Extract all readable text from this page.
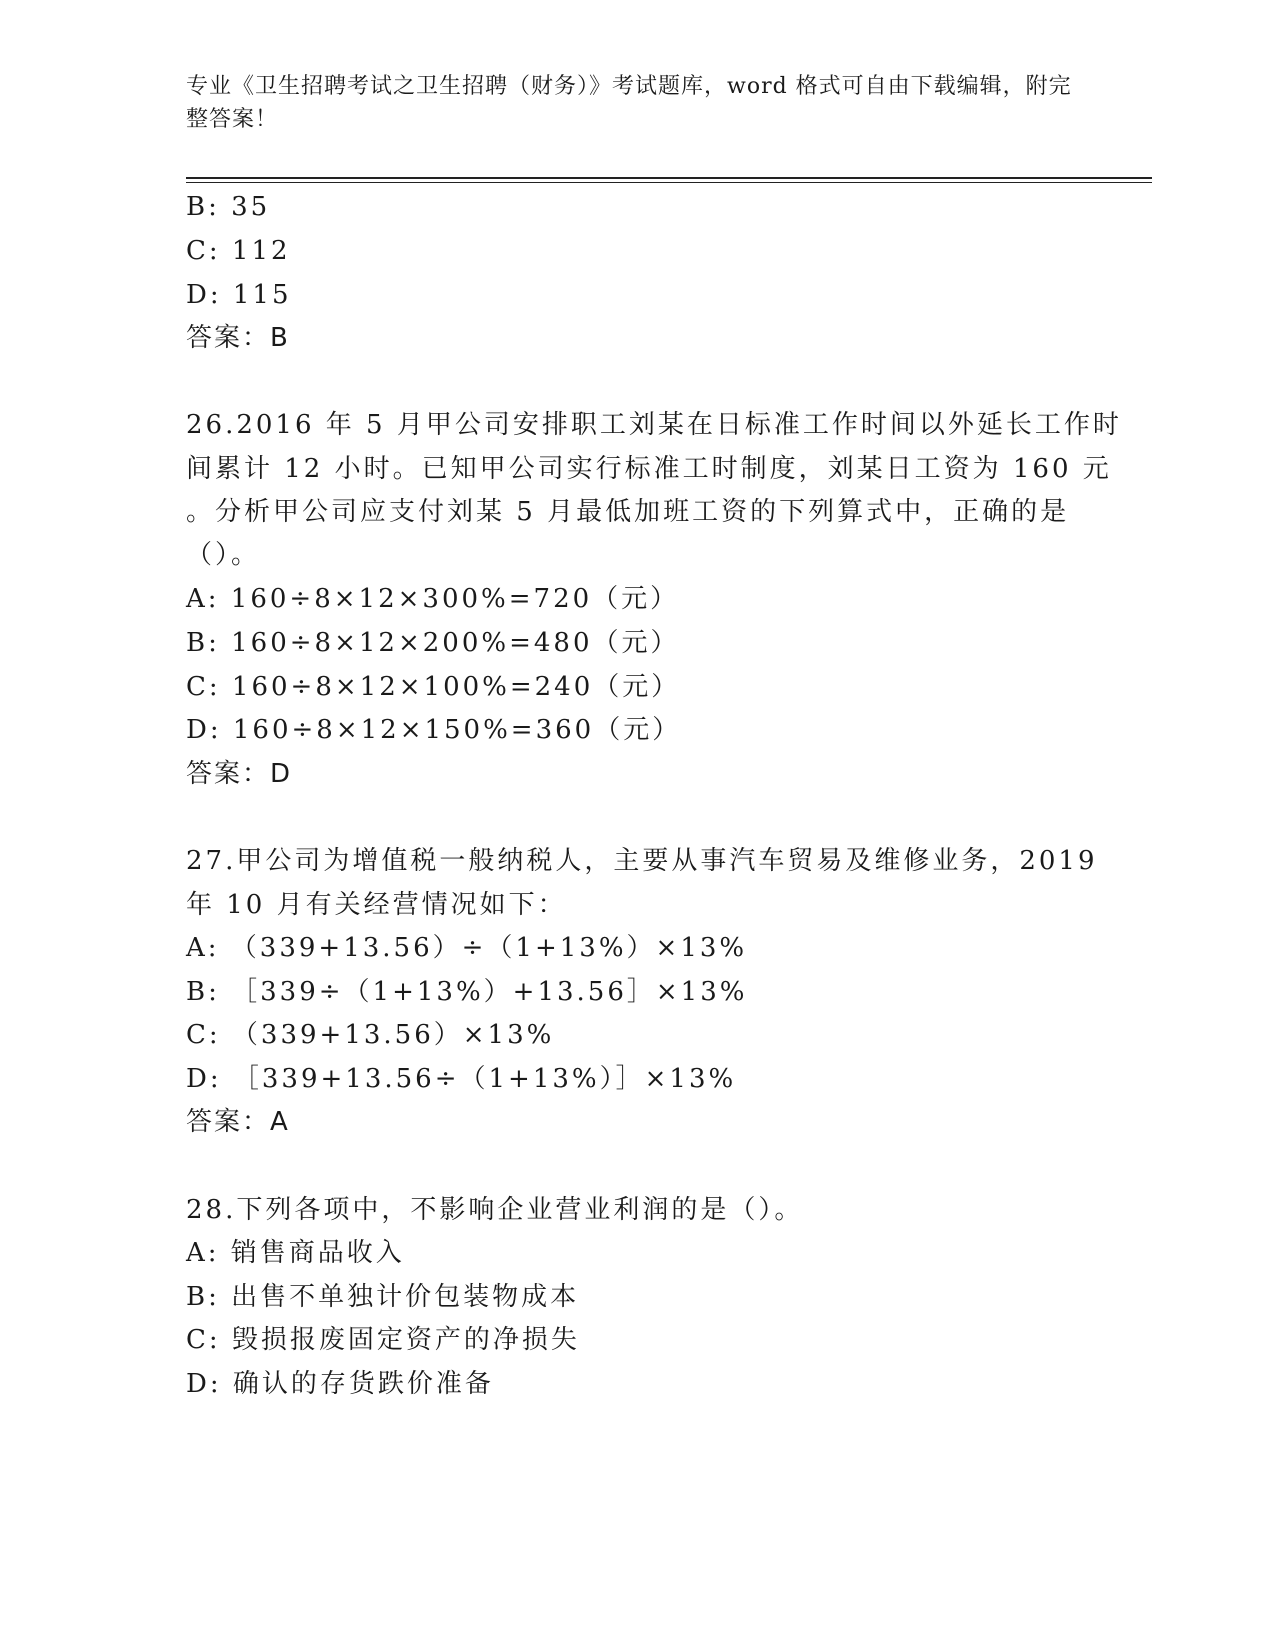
专业《卫生招聘考试之卫生招聘（财务）》考试题库，word 格式可自由下载编辑，附完整答案！
B: 35
C: 112
D: 115
答案：B
26.2016 年 5 月甲公司安排职工刘某在日标准工作时间以外延长工作时
间累计 12 小时。已知甲公司实行标准工时制度，刘某日工资为 160 元
。分析甲公司应支付刘某 5 月最低加班工资的下列算式中，正确的是
（）。
A: 160÷8×12×300%=720（元）
B: 160÷8×12×200%=480（元）
C: 160÷8×12×100%=240（元）
D: 160÷8×12×150%=360（元）
答案：D
27.甲公司为增值税一般纳税人，主要从事汽车贸易及维修业务，2019
年 10 月有关经营情况如下：
A: （339+13.56）÷（1+13%）×13%
B: ［339÷（1+13%）+13.56］×13%
C: （339+13.56）×13%
D: ［339+13.56÷（1+13%）］×13%
答案：A
28.下列各项中，不影响企业营业利润的是（）。
A: 销售商品收入
B: 出售不单独计价包装物成本
C: 毁损报废固定资产的净损失
D: 确认的存货跌价准备
